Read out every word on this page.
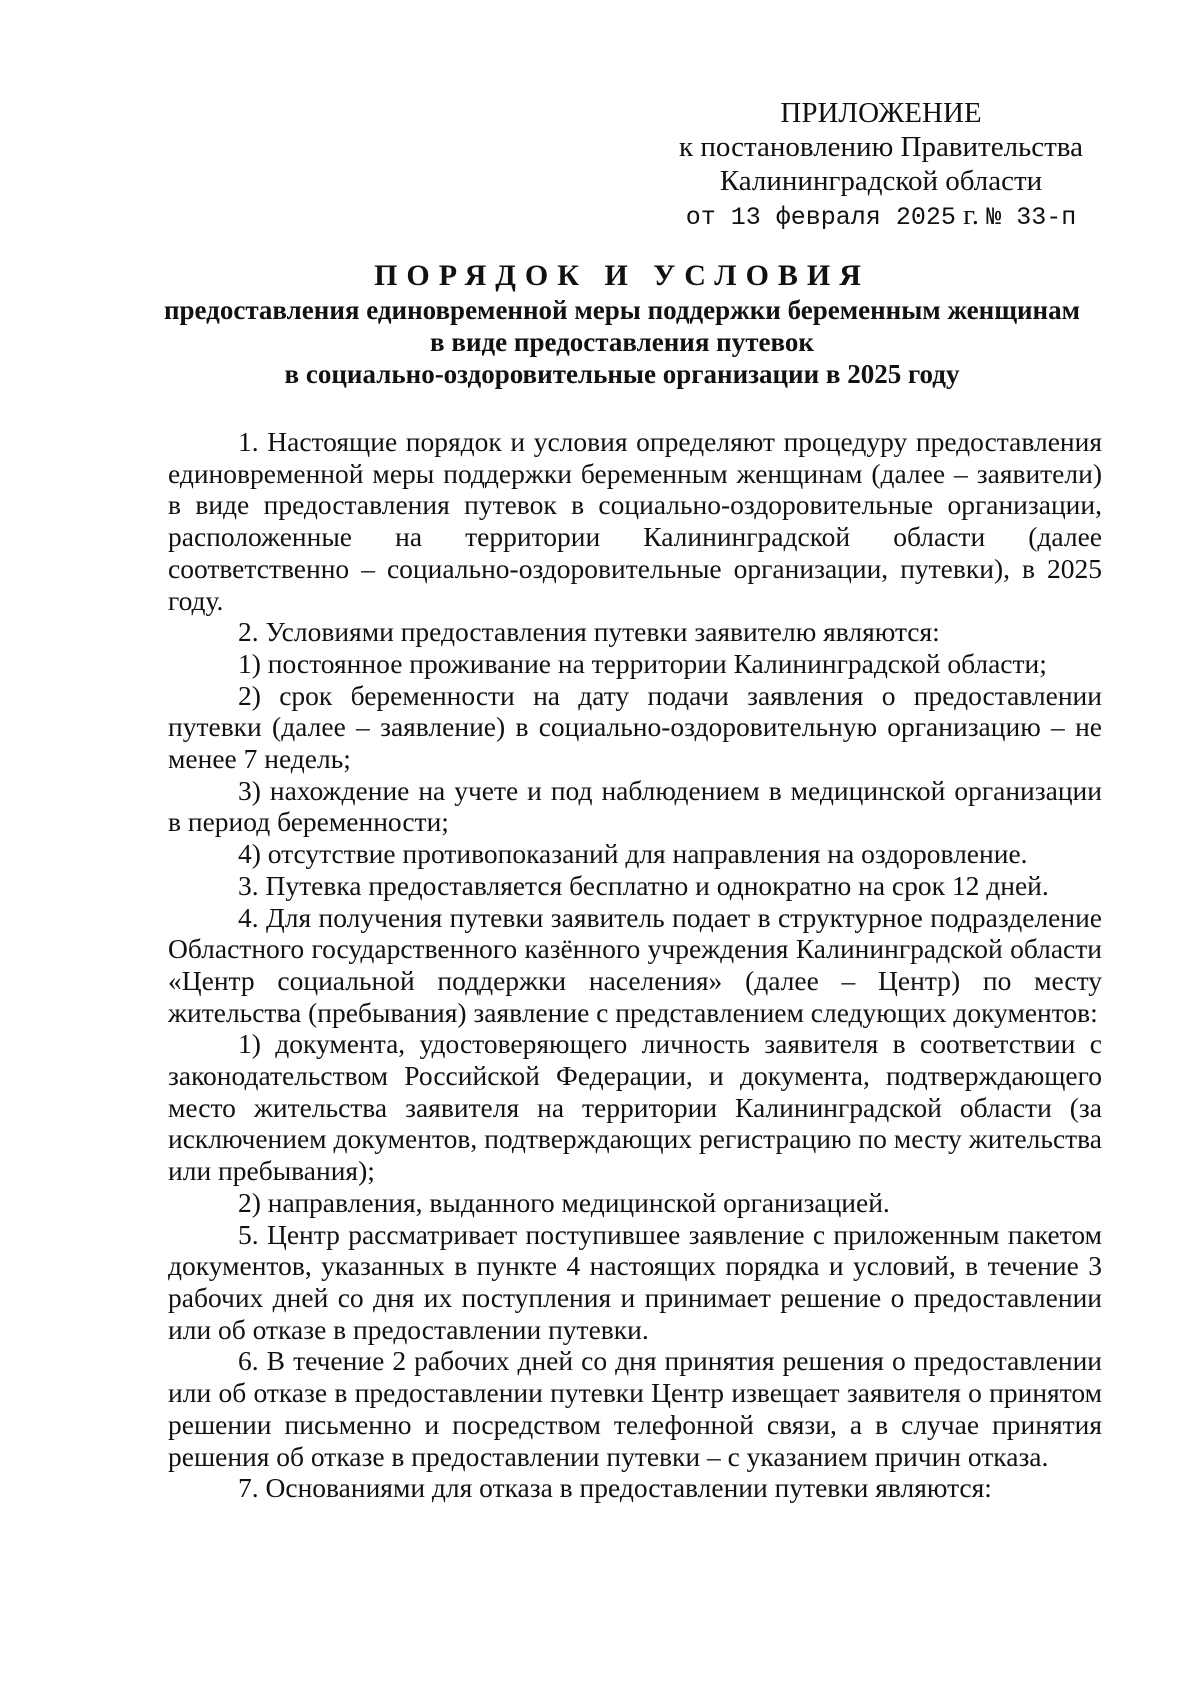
ПРИЛОЖЕНИЕ
к постановлению Правительства
Калининградской области
от 13 февраля 2025 г. № 33-п
ПОРЯДОК И УСЛОВИЯ
предоставления единовременной меры поддержки беременным женщинам
в виде предоставления путевок
в социально-оздоровительные организации в 2025 году

1. Настоящие порядок и условия определяют процедуру предоставления единовременной меры поддержки беременным женщинам (далее – заявители) в виде предоставления путевок в социально-оздоровительные организации, расположенные на территории Калининградской области (далее соответственно – социально-оздоровительные организации, путевки), в 2025 году.

2. Условиями предоставления путевки заявителю являются:

1) постоянное проживание на территории Калининградской области;

2) срок беременности на дату подачи заявления о предоставлении путевки (далее – заявление) в социально-оздоровительную организацию – не менее 7 недель;

3) нахождение на учете и под наблюдением в медицинской организации в период беременности;

4) отсутствие противопоказаний для направления на оздоровление.

3. Путевка предоставляется бесплатно и однократно на срок 12 дней.

4. Для получения путевки заявитель подает в структурное подразделение Областного государственного казённого учреждения Калининградской области «Центр социальной поддержки населения» (далее – Центр) по месту жительства (пребывания) заявление с представлением следующих документов:

1) документа, удостоверяющего личность заявителя в соответствии с законодательством Российской Федерации, и документа, подтверждающего место жительства заявителя на территории Калининградской области (за исключением документов, подтверждающих регистрацию по месту жительства или пребывания);

2) направления, выданного медицинской организацией.

5. Центр рассматривает поступившее заявление с приложенным пакетом документов, указанных в пункте 4 настоящих порядка и условий, в течение 3 рабочих дней со дня их поступления и принимает решение о предоставлении или об отказе в предоставлении путевки.

6. В течение 2 рабочих дней со дня принятия решения о предоставлении или об отказе в предоставлении путевки Центр извещает заявителя о принятом решении письменно и посредством телефонной связи, а в случае принятия решения об отказе в предоставлении путевки – с указанием причин отказа.

7. Основаниями для отказа в предоставлении путевки являются:
